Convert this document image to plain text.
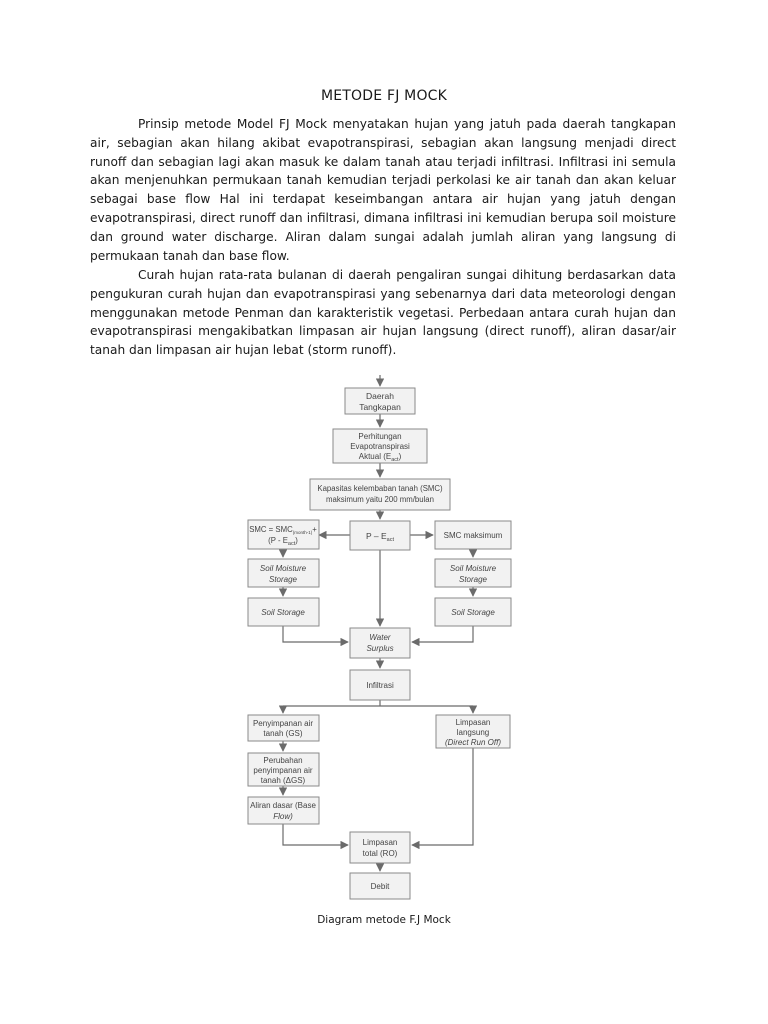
METODE FJ MOCK

Prinsip metode Model FJ Mock menyatakan hujan yang jatuh pada daerah tangkapan air, sebagian akan hilang akibat evapotranspirasi, sebagian akan langsung menjadi direct runoff dan sebagian lagi akan masuk ke dalam tanah atau terjadi infiltrasi. Infiltrasi ini semula akan menjenuhkan permukaan tanah kemudian terjadi perkolasi ke air tanah dan akan keluar sebagai base flow Hal ini terdapat keseimbangan antara air hujan yang jatuh dengan evapotranspirasi, direct runoff dan infiltrasi, dimana infiltrasi ini kemudian berupa soil moisture dan ground water discharge. Aliran dalam sungai adalah jumlah aliran yang langsung di permukaan tanah dan base flow.

Curah hujan rata-rata bulanan di daerah pengaliran sungai dihitung berdasarkan data pengukuran curah hujan dan evapotranspirasi yang sebenarnya dari data meteorologi dengan menggunakan metode Penman dan karakteristik vegetasi. Perbedaan antara curah hujan dan evapotranspirasi mengakibatkan limpasan air hujan langsung (direct runoff), aliran dasar/air tanah dan limpasan air hujan lebat (storm runoff).

Daerah
Tangkapan
Perhitungan
Evapotranspirasi
Aktual $(E_{act})$
Kapasitas kelembaban tanah (SMC)
maksimum yaitu 200 mm/bulan
SMC = $SMC_{(month-1)}+$
$(P - E_{act})$	P – $E_{act}$	SMC maksimum
Soil Moisture
Storage
Soil Moisture
Storage
Soil Storage	Soil Storage
Water
Surplus
Infiltrasi
Penyimpanan air
tanah (GS)
Limpasan
langsung
(Direct Run Off)
Perubahan
penyimpanan air
tanah (ΔGS)
Aliran dasar (Base
Flow)
Limpasan
total (RO)
Debit
Diagram metode F.J Mock
